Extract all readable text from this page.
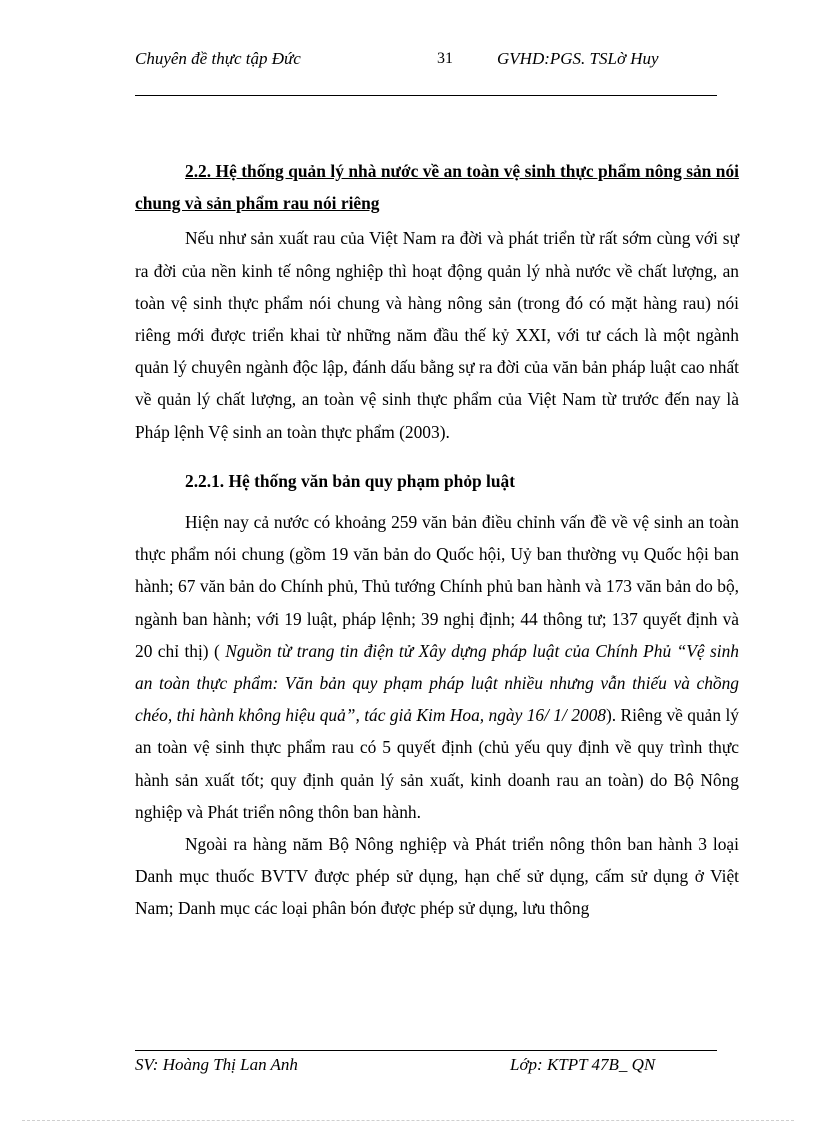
Chuyên đề thực tập Đức	31	GVHD:PGS. TSLờ Huy

2.2. Hệ thống quản lý nhà nước về an toàn vệ sinh thực phẩm nông sản nói chung và sản phẩm rau nói riêng

Nếu như sản xuất rau của Việt Nam ra đời và phát triển từ rất sớm cùng với sự ra đời của nền kinh tế nông nghiệp thì hoạt động quản lý nhà nước về chất lượng, an toàn vệ sinh thực phẩm nói chung và hàng nông sản (trong đó có mặt hàng rau) nói riêng mới được triển khai từ những năm đầu thế kỷ XXI, với tư cách là một ngành quản lý chuyên ngành độc lập, đánh dấu bằng sự ra đời của văn bản pháp luật cao nhất về quản lý chất lượng, an toàn vệ sinh thực phẩm của Việt Nam từ trước đến nay là Pháp lệnh Vệ sinh an toàn thực phẩm (2003).

2.2.1. Hệ thống văn bản quy phạm phỏp luật

Hiện nay cả nước có khoảng 259 văn bản điều chỉnh vấn đề về vệ sinh an toàn thực phẩm nói chung (gồm 19 văn bản do Quốc hội, Uỷ ban thường vụ Quốc hội ban hành; 67 văn bản do Chính phủ, Thủ tướng Chính phủ ban hành và 173 văn bản do bộ, ngành ban hành; với 19 luật, pháp lệnh; 39 nghị định; 44 thông tư; 137 quyết định và 20 chỉ thị) ( Nguồn từ trang tin điện tử Xây dựng pháp luật của Chính Phủ “Vệ sinh an toàn thực phẩm: Văn bản quy phạm pháp luật nhiều nhưng vẫn thiếu và chồng chéo, thi hành không hiệu quả”, tác giả Kim Hoa, ngày 16/ 1/ 2008). Riêng về quản lý an toàn vệ sinh thực phẩm rau có 5 quyết định (chủ yếu quy định về quy trình thực hành sản xuất tốt; quy định quản lý sản xuất, kinh doanh rau an toàn) do Bộ Nông nghiệp và Phát triển nông thôn ban hành.

Ngoài ra hàng năm Bộ Nông nghiệp và Phát triển nông thôn ban hành 3 loại Danh mục thuốc BVTV được phép sử dụng, hạn chế sử dụng, cấm sử dụng ở Việt Nam; Danh mục các loại phân bón được phép sử dụng, lưu thông

SV: Hoàng Thị Lan Anh	Lớp: KTPT 47B_ QN
